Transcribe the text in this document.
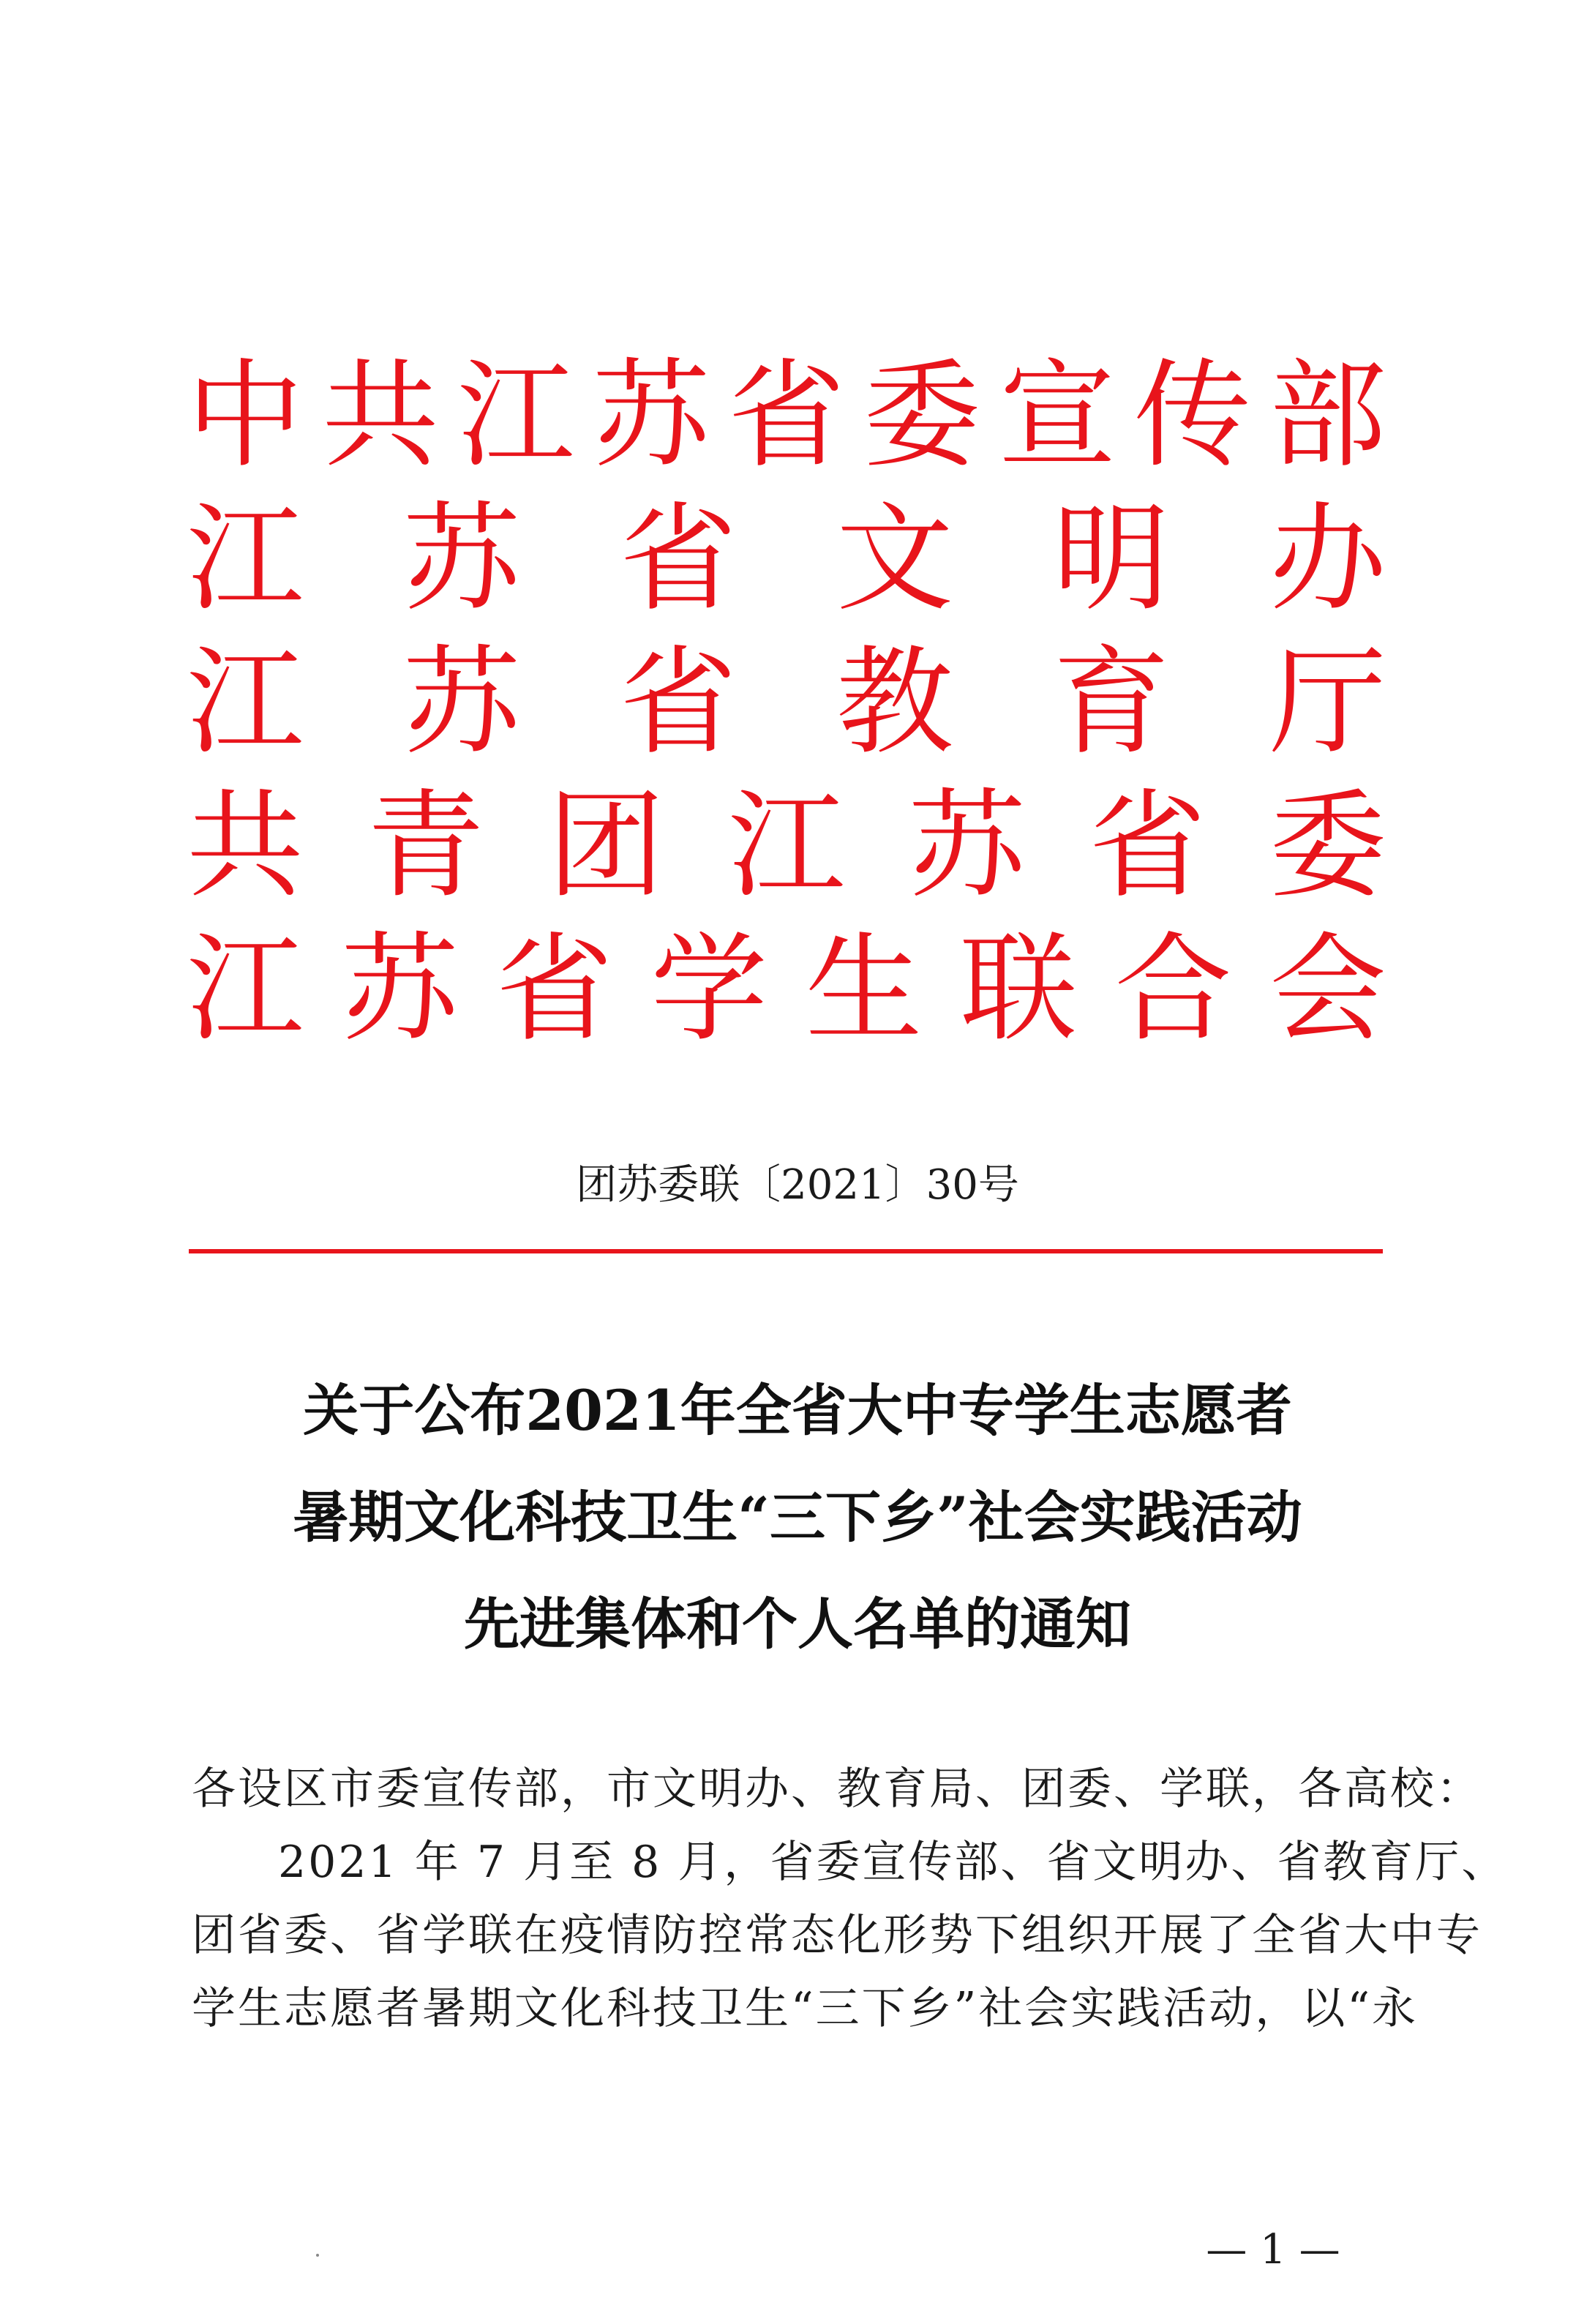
中 共 江 苏 省 委 宣 传 部
江 苏 省 文 明 办
江 苏 省 教 育 厅
共 青 团 江 苏 省 委
江 苏 省 学 生 联 合 会
团苏委联〔2021〕30号
关于公布2021年全省大中专学生志愿者
暑期文化科技卫生“三下乡”社会实践活动
先进集体和个人名单的通知

各设区市委宣传部，市文明办、教育局、团委、学联，各高校：

2021 年 7 月至 8 月，省委宣传部、省文明办、省教育厅、

团省委、省学联在疫情防控常态化形势下组织开展了全省大中专

学生志愿者暑期文化科技卫生“三下乡”社会实践活动，以“永

— 1 —
